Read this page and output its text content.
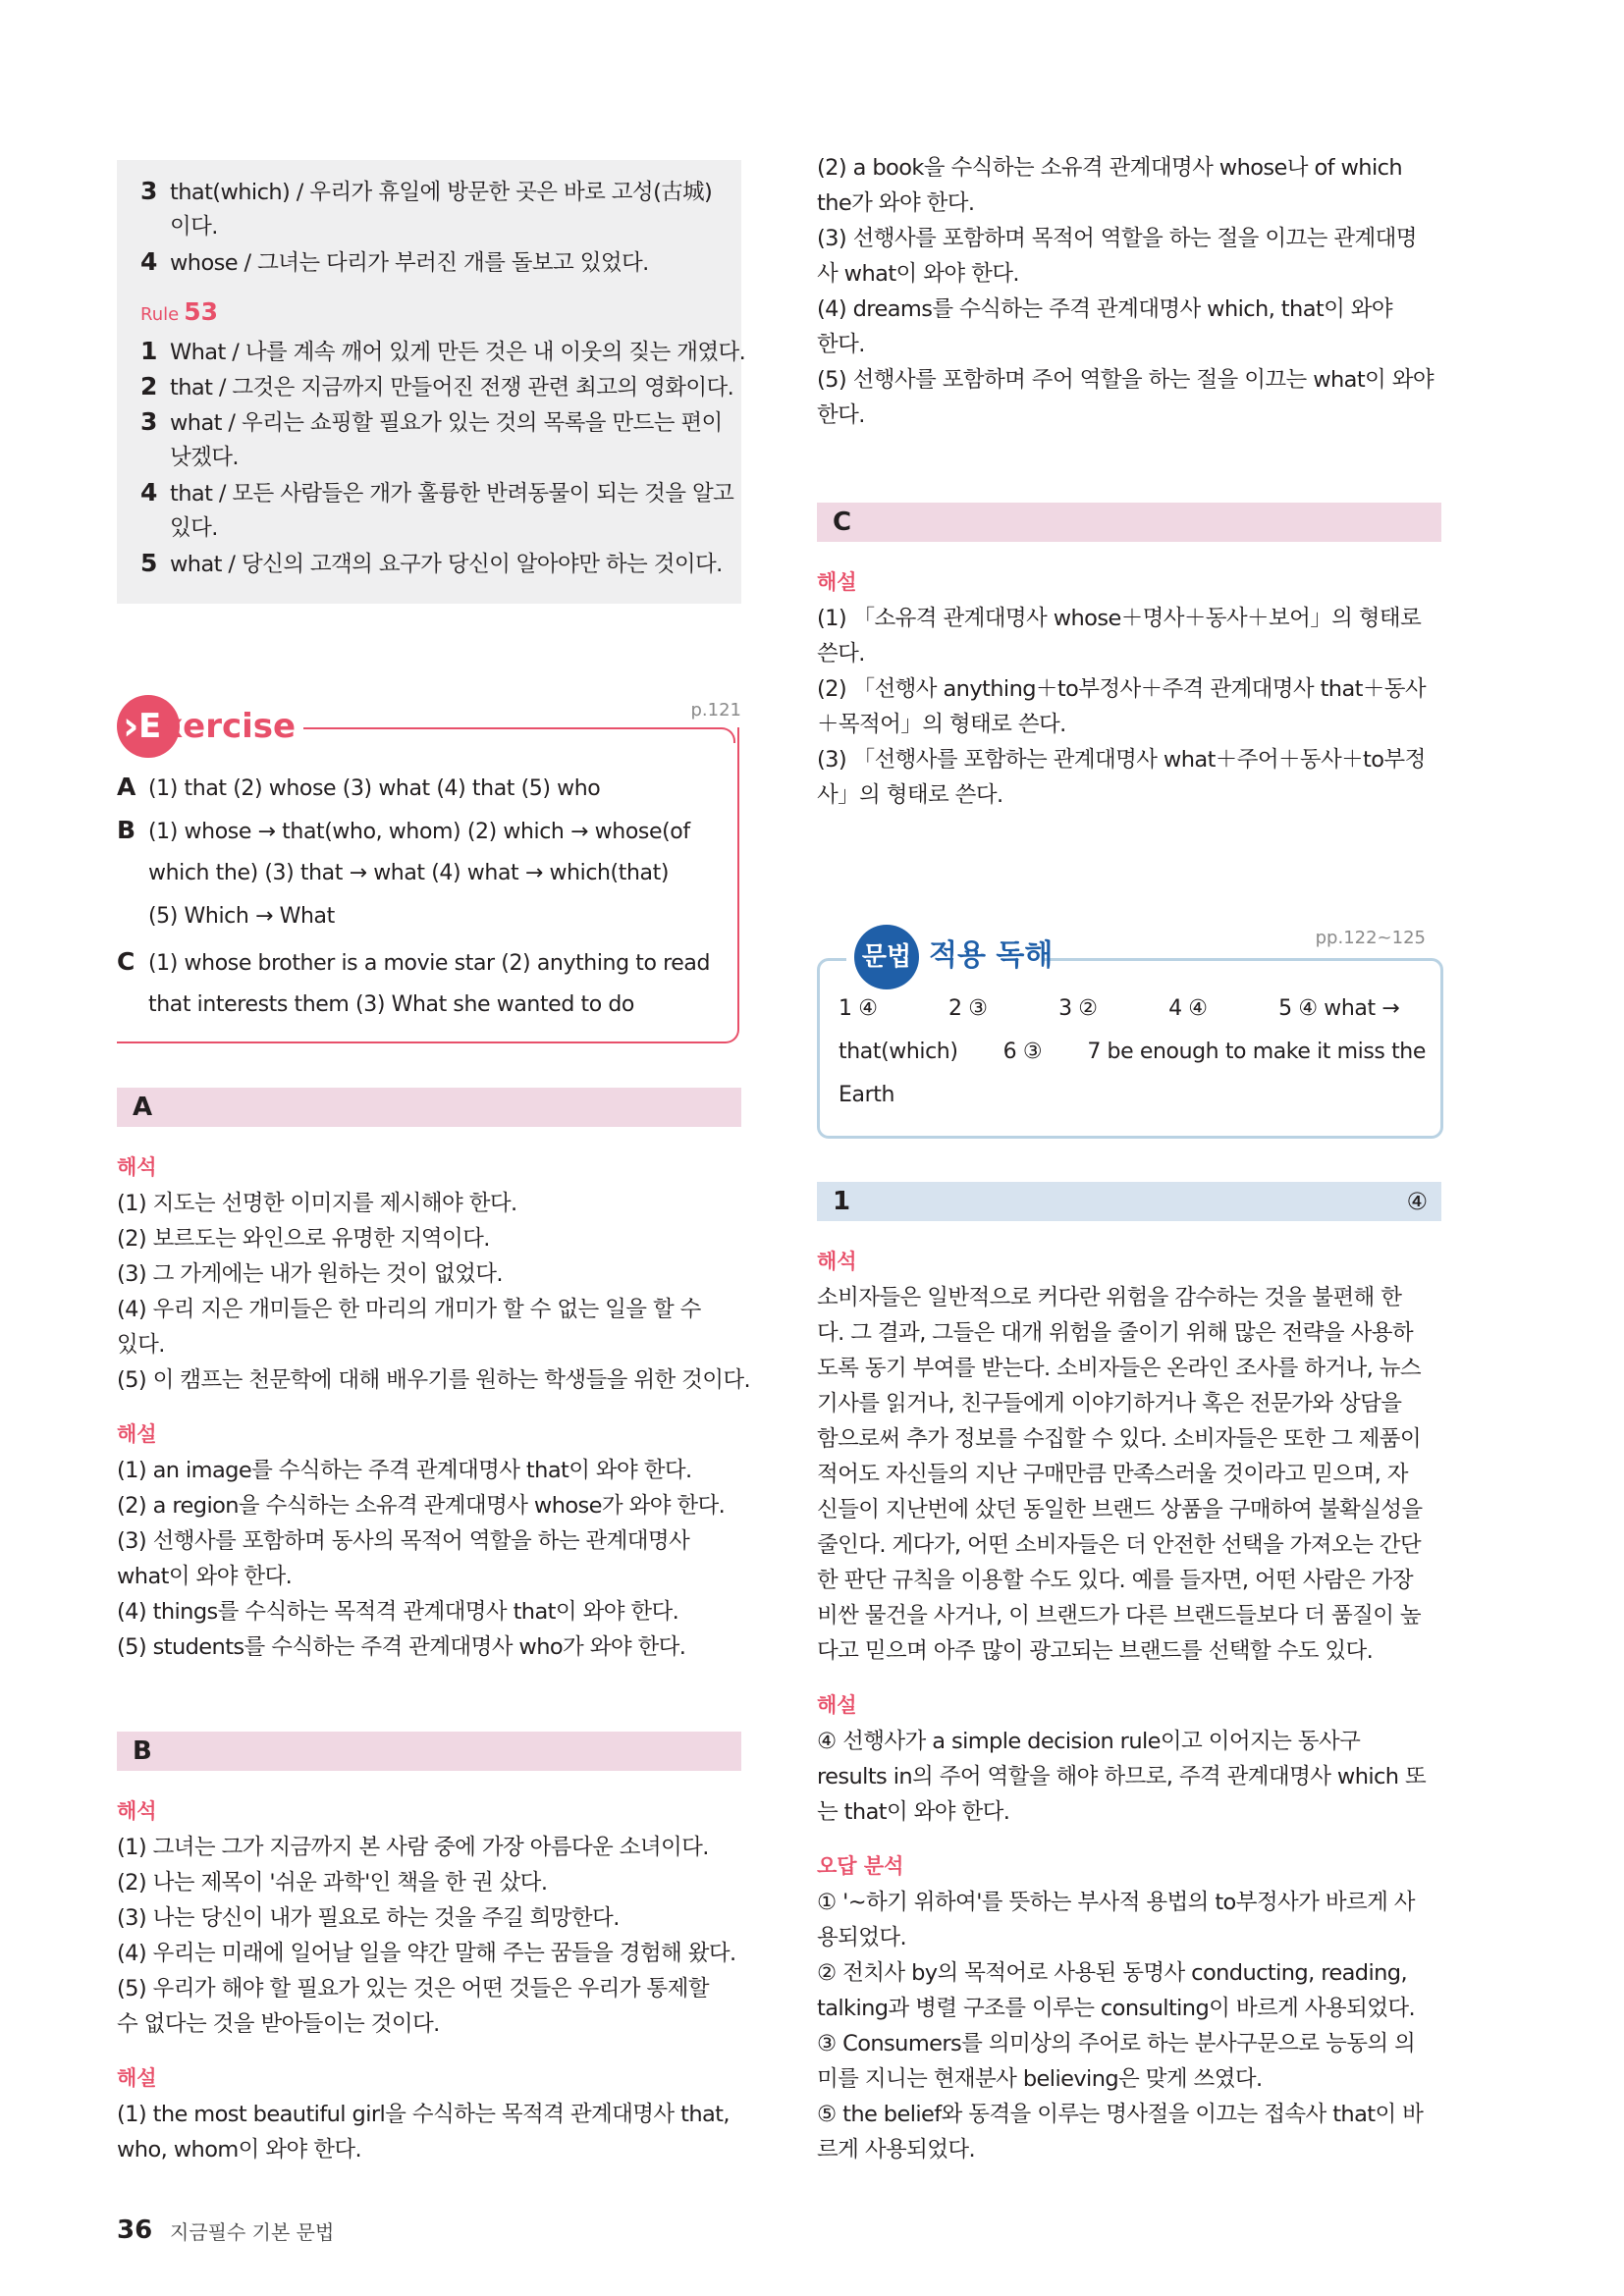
3 that(which) / 우리가 휴일에 방문한 곳은 바로 고성(古城)
이다.
4 whose / 그녀는 다리가 부러진 개를 돌보고 있었다.
Rule 53
1 What / 나를 계속 깨어 있게 만든 것은 내 이웃의 짖는 개였다.
2 that / 그것은 지금까지 만들어진 전쟁 관련 최고의 영화이다.
3 what / 우리는 쇼핑할 필요가 있는 것의 목록을 만드는 편이
낫겠다.
4 that / 모든 사람들은 개가 훌륭한 반려동물이 되는 것을 알고
있다.
5 what / 당신의 고객의 요구가 당신이 알아야만 하는 것이다.
› Exercise	p.121
A (1) that (2) whose (3) what (4) that (5) who
B (1) whose → that(who, whom) (2) which → whose(of
which the) (3) that → what (4) what → which(that)
(5) Which → What
C (1) whose brother is a movie star (2) anything to read
that interests them (3) What she wanted to do
A
해석
(1) 지도는 선명한 이미지를 제시해야 한다.
(2) 보르도는 와인으로 유명한 지역이다.
(3) 그 가게에는 내가 원하는 것이 없었다.
(4) 우리 지은 개미들은 한 마리의 개미가 할 수 없는 일을 할 수
있다.
(5) 이 캠프는 천문학에 대해 배우기를 원하는 학생들을 위한 것이다.
해설
(1) an image를 수식하는 주격 관계대명사 that이 와야 한다.
(2) a region을 수식하는 소유격 관계대명사 whose가 와야 한다.
(3) 선행사를 포함하며 동사의 목적어 역할을 하는 관계대명사
what이 와야 한다.
(4) things를 수식하는 목적격 관계대명사 that이 와야 한다.
(5) students를 수식하는 주격 관계대명사 who가 와야 한다.
B
해석
(1) 그녀는 그가 지금까지 본 사람 중에 가장 아름다운 소녀이다.
(2) 나는 제목이 '쉬운 과학'인 책을 한 권 샀다.
(3) 나는 당신이 내가 필요로 하는 것을 주길 희망한다.
(4) 우리는 미래에 일어날 일을 약간 말해 주는 꿈들을 경험해 왔다.
(5) 우리가 해야 할 필요가 있는 것은 어떤 것들은 우리가 통제할
수 없다는 것을 받아들이는 것이다.
해설
(1) the most beautiful girl을 수식하는 목적격 관계대명사 that,
who, whom이 와야 한다.
36 지금필수 기본 문법
(2) a book을 수식하는 소유격 관계대명사 whose나 of which
the가 와야 한다.
(3) 선행사를 포함하며 목적어 역할을 하는 절을 이끄는 관계대명
사 what이 와야 한다.
(4) dreams를 수식하는 주격 관계대명사 which, that이 와야
한다.
(5) 선행사를 포함하며 주어 역할을 하는 절을 이끄는 what이 와야
한다.
C
해설
(1) 「소유격 관계대명사 whose＋명사＋동사＋보어」의 형태로
쓴다.
(2) 「선행사 anything＋to부정사＋주격 관계대명사 that＋동사
＋목적어」의 형태로 쓴다.
(3) 「선행사를 포함하는 관계대명사 what＋주어＋동사＋to부정
사」의 형태로 쓴다.
문법 적용 독해
pp.122~125
1 ④           2 ③           3 ②           4 ④           5 ④ what →
that(which)       6 ③       7 be enough to make it miss the
Earth
1	④
해석
소비자들은 일반적으로 커다란 위험을 감수하는 것을 불편해 한
다. 그 결과, 그들은 대개 위험을 줄이기 위해 많은 전략을 사용하
도록 동기 부여를 받는다. 소비자들은 온라인 조사를 하거나, 뉴스
기사를 읽거나, 친구들에게 이야기하거나 혹은 전문가와 상담을
함으로써 추가 정보를 수집할 수 있다. 소비자들은 또한 그 제품이
적어도 자신들의 지난 구매만큼 만족스러울 것이라고 믿으며, 자
신들이 지난번에 샀던 동일한 브랜드 상품을 구매하여 불확실성을
줄인다. 게다가, 어떤 소비자들은 더 안전한 선택을 가져오는 간단
한 판단 규칙을 이용할 수도 있다. 예를 들자면, 어떤 사람은 가장
비싼 물건을 사거나, 이 브랜드가 다른 브랜드들보다 더 품질이 높
다고 믿으며 아주 많이 광고되는 브랜드를 선택할 수도 있다.
해설
④ 선행사가 a simple decision rule이고 이어지는 동사구
results in의 주어 역할을 해야 하므로, 주격 관계대명사 which 또
는 that이 와야 한다.
오답 분석
① '~하기 위하여'를 뜻하는 부사적 용법의 to부정사가 바르게 사
용되었다.
② 전치사 by의 목적어로 사용된 동명사 conducting, reading,
talking과 병렬 구조를 이루는 consulting이 바르게 사용되었다.
③ Consumers를 의미상의 주어로 하는 분사구문으로 능동의 의
미를 지니는 현재분사 believing은 맞게 쓰였다.
⑤ the belief와 동격을 이루는 명사절을 이끄는 접속사 that이 바
르게 사용되었다.
